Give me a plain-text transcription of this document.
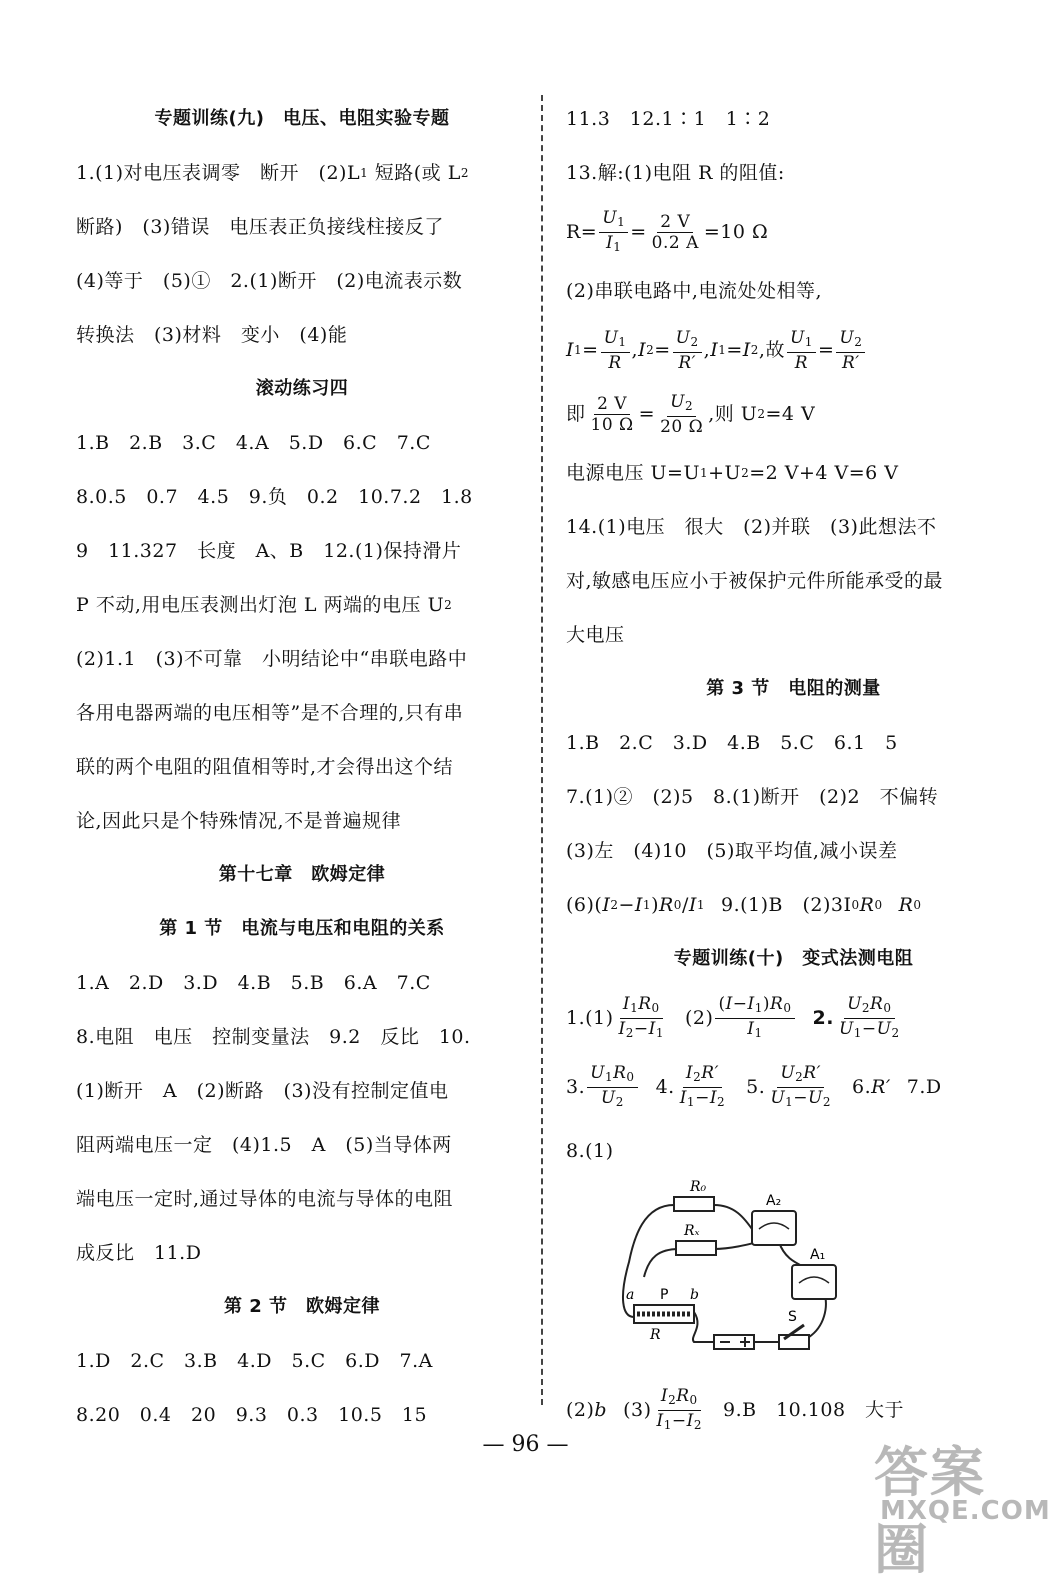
专题训练(九)　电压、电阻实验专题
1.(1)对电压表调零　断开　(2)L 1
短路(或 L 2
断路)　(3)错误　电压表正负接线柱接反了
(4)等于　(5)①　2.(1)断开　(2)电流表示数
转换法　(3)材料　变小　(4)能
滚动练习四
1.B　2.B　3.C　4.A　5.D　6.C　7.C
8.0.5　0.7　4.5　9.负　0.2　10.7.2　1.8
9　11.327　长度　A、B　12.(1)保持滑片
P 不动,用电压表测出灯泡 L 两端的电压 U 2
(2)1.1　(3)不可靠　小明结论中“串联电路中
各用电器两端的电压相等”是不合理的,只有串
联的两个电阻的阻值相等时,才会得出这个结
论,因此只是个特殊情况,不是普遍规律
第十七章　欧姆定律
第 1 节　电流与电压和电阻的关系
1.A　2.D　3.D　4.B　5.B　6.A　7.C
8.电阻　电压　控制变量法　9.2　反比　10.
(1)断开　A　(2)断路　(3)没有控制定值电
阻两端电压一定　(4)1.5　A　(5)当导体两
端电压一定时,通过导体的电流与导体的电阻
成反比　11.D
第 2 节　欧姆定律
1.D　2.C　3.B　4.D　5.C　6.D　7.A
8.20　0.4　20　9.3　0.3　10.5　15
11.3　12.1∶1　1∶2
13.解:(1)电阻 R 的阻值:
$R= \frac{U_1}{I_1} = \frac{2 V}{0.2 A} =10$ Ω
(2)串联电路中,电流处处相等,
I $1 = \frac{U_1}{R}$ , I $2 = \frac{U_2}{R'}$ , I 1 = I 2 ,故 $\frac{U_1}{R} = \frac{U_2}{R'}$
即 $\frac{2 V}{10 \Omega} = \frac{U_2}{20 \Omega}$ ,则 U 2 =4 V
电源电压 U=U 1 +U 2 =2 V+4 V=6 V
14.(1)电压　很大　(2)并联　(3)此想法不
对,敏感电压应小于被保护元件所能承受的最
大电压
第 3 节　电阻的测量
1.B　2.C　3.D　4.B　5.C　6.1　5
7.(1)②　(2)5　8.(1)断开　(2)2　不偏转
(3)左　(4)10　(5)取平均值,减小误差
(6)( I 2 − I 1 ) R 0 / I 1 9.(1)B　(2)3I 0 R 0 R 0
专题训练(十)　变式法测电阻
$1.(1) \frac{I_1R_0}{I_2-I_1} (2) \frac{(I-I_1)R_0}{I_1} 2$. $\frac{U_2R_0}{U_1-U_2}$
3. $\frac{U_1R_0}{U_2} 4$. $\frac{I_2R'}{I_1-I_2} 5$. $\frac{U_2R'}{U_1-U_2} 6$. R′ 7.D
8.(1)
R₀
Rₓ
A₂
A₁
a P b
R
S
(2) b $(3) \frac{I_2R_0}{I_1-I_2} 9.B$　10.108　大于
— 96 —	答案圈
MXQE.COM
